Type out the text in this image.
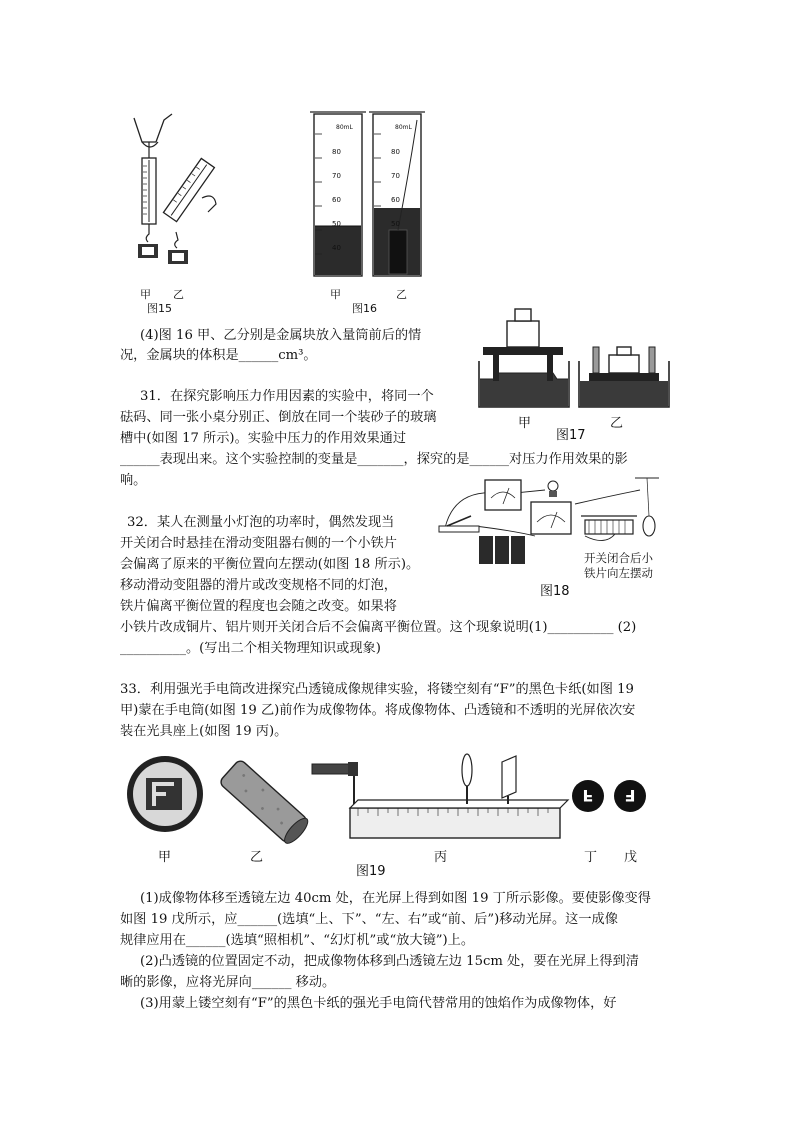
甲 乙
图15
80mL
80
70
60
50
40
80mL
80
70
60
50
甲	乙
图16
甲	乙
图17
(4)图 16 甲、乙分别是金属块放入量筒前后的情
况，金属块的体积是______cm³。
31．在探究影响压力作用因素的实验中，将同一个
砝码、同一张小桌分别正、倒放在同一个装砂子的玻璃
槽中(如图 17 所示)。实验中压力的作用效果通过
______表现出来。这个实验控制的变量是_______，探究的是______对压力作用效果的影
响。
开关闭合后小
铁片向左摆动
图18
32．某人在测量小灯泡的功率时，偶然发现当
开关闭合时悬挂在滑动变阻器右侧的一个小铁片
会偏离了原来的平衡位置向左摆动(如图 18 所示)。
移动滑动变阻器的滑片或改变规格不同的灯泡，
铁片偏离平衡位置的程度也会随之改变。如果将
小铁片改成铜片、铝片则开关闭合后不会偏离平衡位置。这个现象说明(1)__________ (2)
__________。(写出二个相关物理知识或现象)
33．利用强光手电筒改进探究凸透镜成像规律实验，将镂空刻有“F”的黑色卡纸(如图 19
甲)蒙在手电筒(如图 19 乙)前作为成像物体。将成像物体、凸透镜和不透明的光屏依次安
装在光具座上(如图 19 丙)。
F F
甲	乙	丙	丁 戊
图19
(1)成像物体移至透镜左边 40cm 处，在光屏上得到如图 19 丁所示影像。要使影像变得
如图 19 戊所示，应______(选填“上、下”、“左、右”或“前、后”)移动光屏。这一成像
规律应用在______(选填“照相机”、“幻灯机”或“放大镜”)上。
(2)凸透镜的位置固定不动，把成像物体移到凸透镜左边 15cm 处，要在光屏上得到清
晰的影像，应将光屏向______ 移动。
(3)用蒙上镂空刻有“F”的黑色卡纸的强光手电筒代替常用的蚀焰作为成像物体，好
